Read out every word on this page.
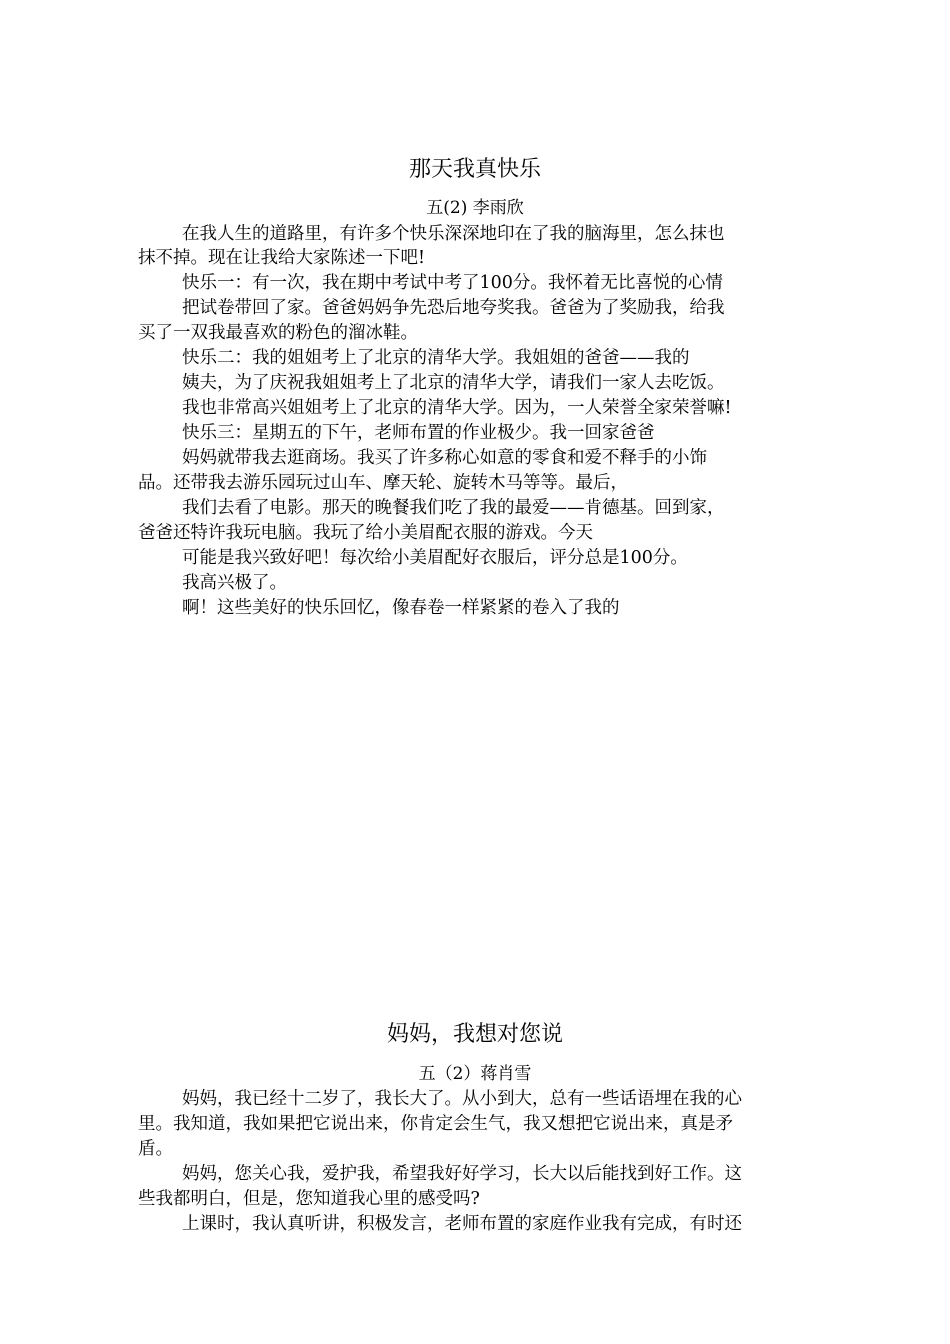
那天我真快乐
五(2) 李雨欣
在我人生的道路里，有许多个快乐深深地印在了我的脑海里，怎么抹也
抹不掉。现在让我给大家陈述一下吧!
快乐一：有一次，我在期中考试中考了100分。我怀着无比喜悦的心情
把试卷带回了家。爸爸妈妈争先恐后地夸奖我。爸爸为了奖励我，给我
买了一双我最喜欢的粉色的溜冰鞋。
快乐二：我的姐姐考上了北京的清华大学。我姐姐的爸爸——我的
姨夫，为了庆祝我姐姐考上了北京的清华大学，请我们一家人去吃饭。
我也非常高兴姐姐考上了北京的清华大学。因为，一人荣誉全家荣誉嘛!
快乐三：星期五的下午，老师布置的作业极少。我一回家爸爸
妈妈就带我去逛商场。我买了许多称心如意的零食和爱不释手的小饰
品。还带我去游乐园玩过山车、摩天轮、旋转木马等等。最后，
我们去看了电影。那天的晚餐我们吃了我的最爱——肯德基。回到家，
爸爸还特许我玩电脑。我玩了给小美眉配衣服的游戏。今天
可能是我兴致好吧！每次给小美眉配好衣服后，评分总是100分。
我高兴极了。
啊！这些美好的快乐回忆，像春卷一样紧紧的卷入了我的
妈妈，我想对您说
五（2）蒋肖雪
妈妈，我已经十二岁了，我长大了。从小到大，总有一些话语埋在我的心
里。我知道，我如果把它说出来，你肯定会生气，我又想把它说出来，真是矛
盾。
妈妈，您关心我，爱护我，希望我好好学习，长大以后能找到好工作。这
些我都明白，但是，您知道我心里的感受吗?
上课时，我认真听讲，积极发言，老师布置的家庭作业我有完成，有时还
